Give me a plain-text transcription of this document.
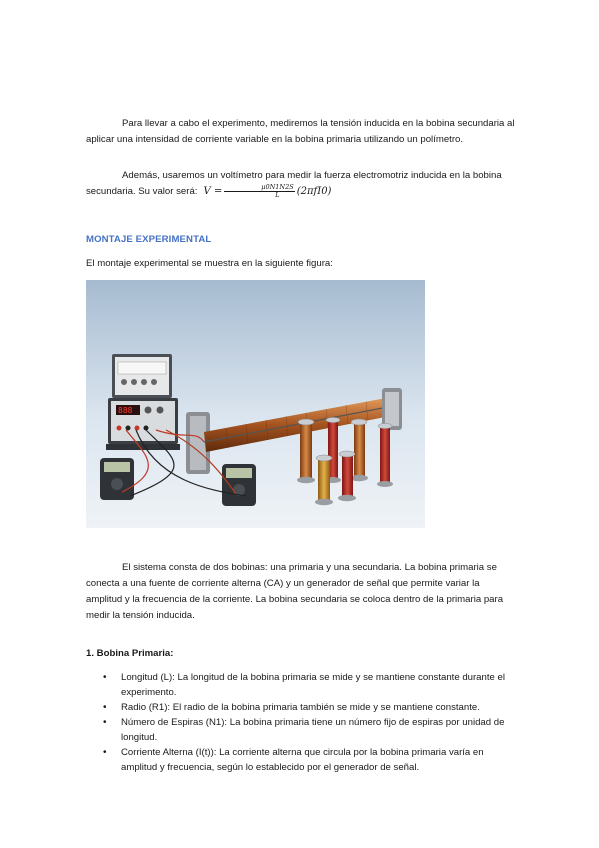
Para llevar a cabo el experimento, mediremos la tensión inducida en la bobina secundaria al aplicar una intensidad de corriente variable en la bobina primaria utilizando un polímetro.

Además, usaremos un voltímetro para medir la fuerza electromotriz inducida en la bobina secundaria. Su valor será: $V = \frac{\mu 0N1N2S}{L} (2\pi fI0)$

MONTAJE EXPERIMENTAL

El montaje experimental se muestra en la siguiente figura:

888

El sistema consta de dos bobinas: una primaria y una secundaria. La bobina primaria se conecta a una fuente de corriente alterna (CA) y un generador de señal que permite variar la amplitud y la frecuencia de la corriente. La bobina secundaria se coloca dentro de la primaria para medir la tensión inducida.

1. Bobina Primaria:

• Longitud (L): La longitud de la bobina primaria se mide y se mantiene constante durante el experimento.
• Radio (R1): El radio de la bobina primaria también se mide y se mantiene constante.
• Número de Espiras (N1): La bobina primaria tiene un número fijo de espiras por unidad de longitud.
• Corriente Alterna (I(t)): La corriente alterna que circula por la bobina primaria varía en amplitud y frecuencia, según lo establecido por el generador de señal.
